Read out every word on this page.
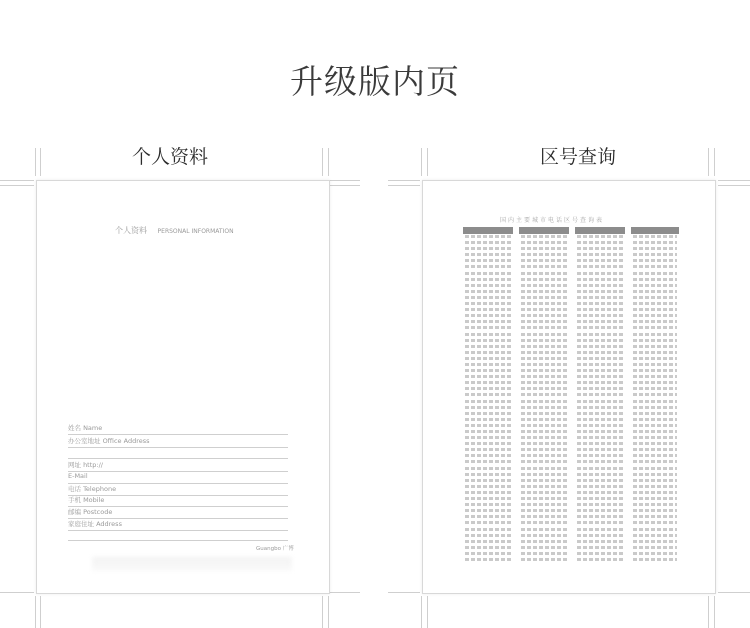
升级版内页
个人资料	区号查询
个人资料 PERSONAL INFORMATION
姓名 Name
办公室地址 Office Address
网址 http://
E-Mail
电话 Telephone
手机 Mobile
邮编 Postcode
家庭住址 Address
Guangbo 广博
国内主要城市电话区号查询表
